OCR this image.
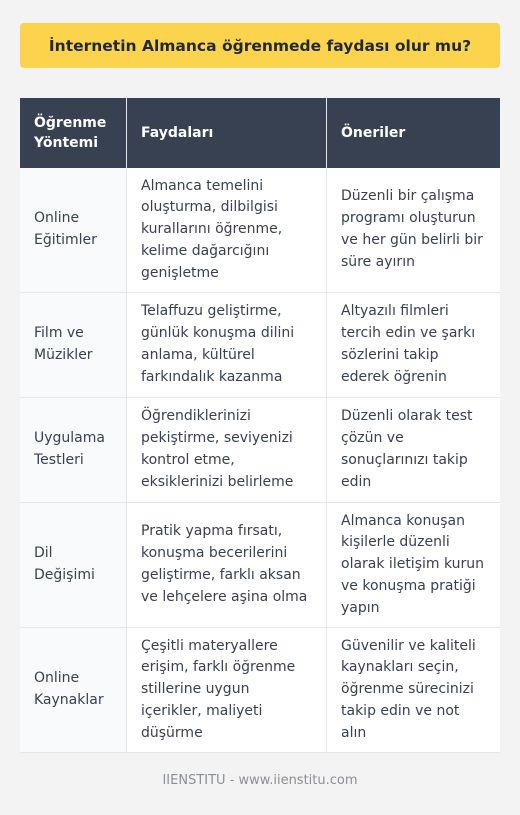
İnternetin Almanca öğrenmede faydası olur mu?
Öğrenme
Yöntemi	Faydaları	Öneriler
Online Eğitimler	Almanca temelini oluşturma, dilbilgisi kurallarını öğrenme, kelime dağarcığını genişletme	Düzenli bir çalışma programı oluşturun ve her gün belirli bir süre ayırın
Film ve Müzikler	Telaffuzu geliştirme, günlük konuşma dilini anlama, kültürel farkındalık kazanma	Altyazılı filmleri tercih edin ve şarkı sözlerini takip ederek öğrenin
Uygulama Testleri	Öğrendiklerinizi pekiştirme, seviyenizi kontrol etme, eksiklerinizi belirleme	Düzenli olarak test çözün ve sonuçlarınızı takip edin
Dil Değişimi	Pratik yapma fırsatı, konuşma becerilerini geliştirme, farklı aksan ve lehçelere aşina olma	Almanca konuşan kişilerle düzenli olarak iletişim kurun ve konuşma pratiği yapın
Online Kaynaklar	Çeşitli materyallere erişim, farklı öğrenme stillerine uygun içerikler, maliyeti düşürme	Güvenilir ve kaliteli kaynakları seçin, öğrenme sürecinizi takip edin ve not alın
IIENSTITU - www.iienstitu.com
